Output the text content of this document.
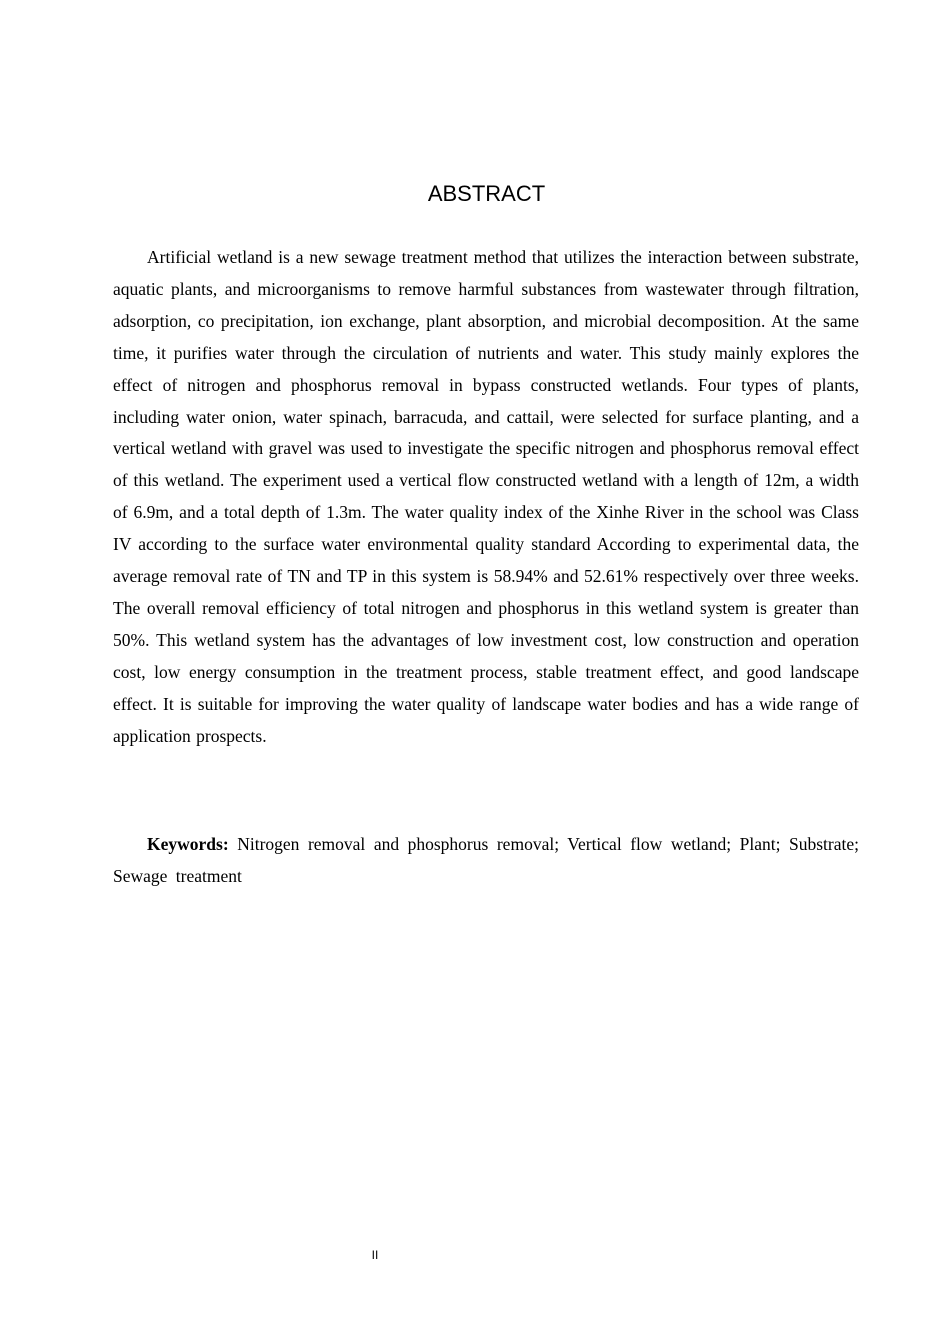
ABSTRACT

Artificial wetland is a new sewage treatment method that utilizes the interaction between substrate, aquatic plants, and microorganisms to remove harmful substances from wastewater through filtration, adsorption, co precipitation, ion exchange, plant absorption, and microbial decomposition. At the same time, it purifies water through the circulation of nutrients and water. This study mainly explores the effect of nitrogen and phosphorus removal in bypass constructed wetlands. Four types of plants, including water onion, water spinach, barracuda, and cattail, were selected for surface planting, and a vertical wetland with gravel was used to investigate the specific nitrogen and phosphorus removal effect of this wetland. The experiment used a vertical flow constructed wetland with a length of 12m, a width of 6.9m, and a total depth of 1.3m. The water quality index of the Xinhe River in the school was Class IV according to the surface water environmental quality standard According to experimental data, the average removal rate of TN and TP in this system is 58.94% and 52.61% respectively over three weeks. The overall removal efficiency of total nitrogen and phosphorus in this wetland system is greater than 50%. This wetland system has the advantages of low investment cost, low construction and operation cost, low energy consumption in the treatment process, stable treatment effect, and good landscape effect. It is suitable for improving the water quality of landscape water bodies and has a wide range of application prospects.

Keywords: Nitrogen removal and phosphorus removal; Vertical flow wetland; Plant; Substrate; Sewage treatment

II
